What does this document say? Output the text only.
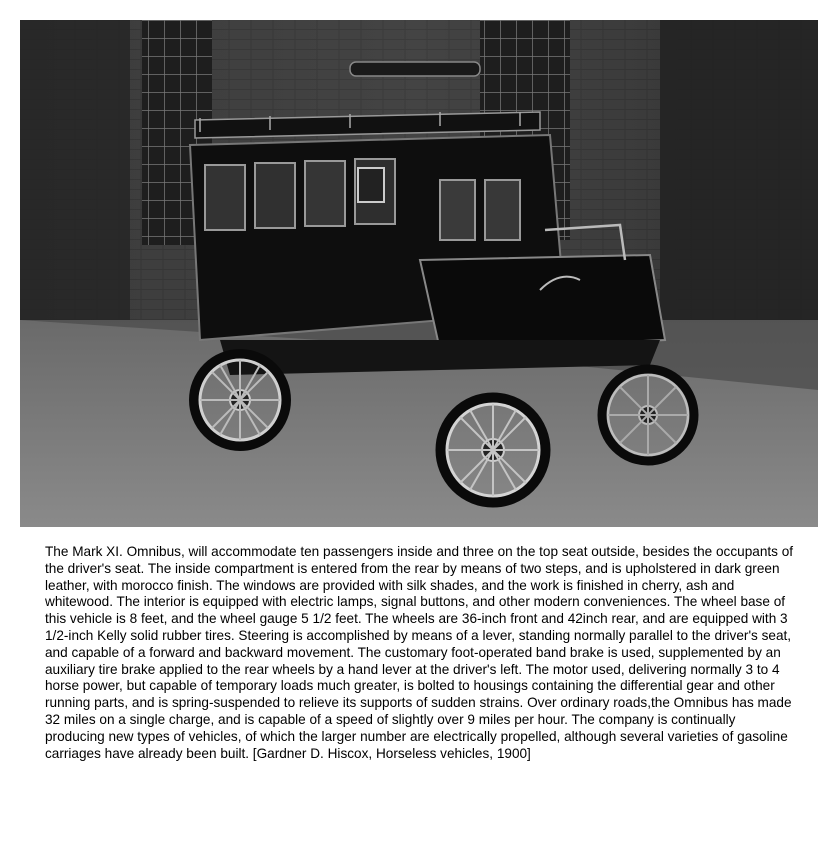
The Mark XI. Omnibus, will accommodate ten passengers inside and three on the top seat outside, besides the occupants of the driver's seat. The inside compartment is entered from the rear by means of two steps, and is upholstered in dark green leather, with morocco finish. The windows are provided with silk shades, and the work is finished in cherry, ash and whitewood. The interior is equipped with electric lamps, signal buttons, and other modern conveniences. The wheel base of this vehicle is 8 feet, and the wheel gauge 5 1/2 feet. The wheels are 36-inch front and 42inch rear, and are equipped with 3 1/2-inch Kelly solid rubber tires. Steering is accomplished by means of a lever, standing normally parallel to the driver's seat, and capable of a forward and backward movement. The customary foot-operated band brake is used, supplemented by an auxiliary tire brake applied to the rear wheels by a hand lever at the driver's left. The motor used, delivering normally 3 to 4 horse power, but capable of temporary loads much greater, is bolted to housings containing the differential gear and other running parts, and is spring-suspended to relieve its supports of sudden strains. Over ordinary roads,the Omnibus has made 32 miles on a single charge, and is capable of a speed of slightly over 9 miles per hour. The company is continually producing new types of vehicles, of which the larger number are electrically propelled, although several varieties of gasoline carriages have already been built. [Gardner D. Hiscox, Horseless vehicles, 1900]
